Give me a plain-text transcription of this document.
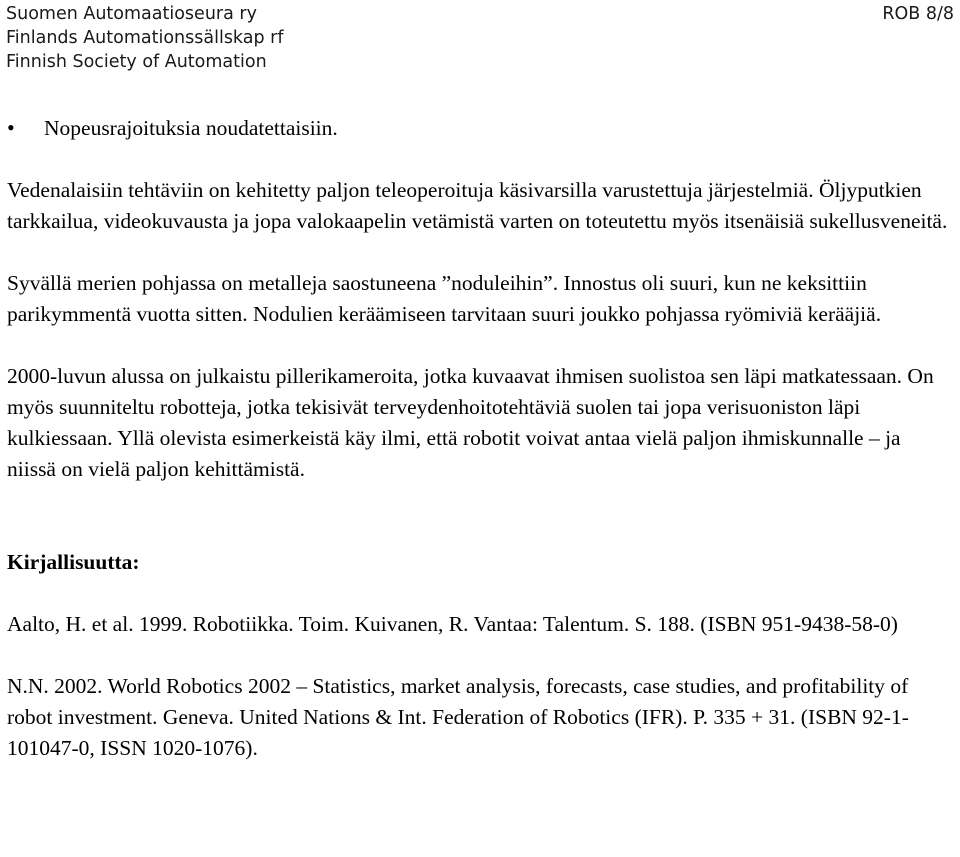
Suomen Automaatioseura ry
Finlands Automationssällskap rf
Finnish Society of Automation
ROB 8/8
•	Nopeusrajoituksia noudatettaisiin.

Vedenalaisiin tehtäviin on kehitetty paljon teleoperoituja käsivarsilla varustettuja järjestelmiä. Öljyputkien tarkkailua, videokuvausta ja jopa valokaapelin vetämistä varten on toteutettu myös itsenäisiä sukellusveneitä.

Syvällä merien pohjassa on metalleja saostuneena ”noduleihin”. Innostus oli suuri, kun ne keksittiin parikymmentä vuotta sitten. Nodulien keräämiseen tarvitaan suuri joukko pohjassa ryömiviä kerääjiä.

2000-luvun alussa on julkaistu pillerikameroita, jotka kuvaavat ihmisen suolistoa sen läpi matkatessaan. On myös suunniteltu robotteja, jotka tekisivät terveydenhoitotehtäviä suolen tai jopa verisuoniston läpi kulkiessaan. Yllä olevista esimerkeistä käy ilmi, että robotit voivat antaa vielä paljon ihmiskunnalle – ja niissä on vielä paljon kehittämistä.

Kirjallisuutta:

Aalto, H. et al. 1999. Robotiikka. Toim. Kuivanen, R. Vantaa: Talentum. S. 188. (ISBN 951-9438-58-0)

N.N. 2002. World Robotics 2002 – Statistics, market analysis, forecasts, case studies, and profitability of robot investment. Geneva. United Nations & Int. Federation of Robotics (IFR). P. 335 + 31. (ISBN 92-1-101047-0, ISSN 1020-1076).
